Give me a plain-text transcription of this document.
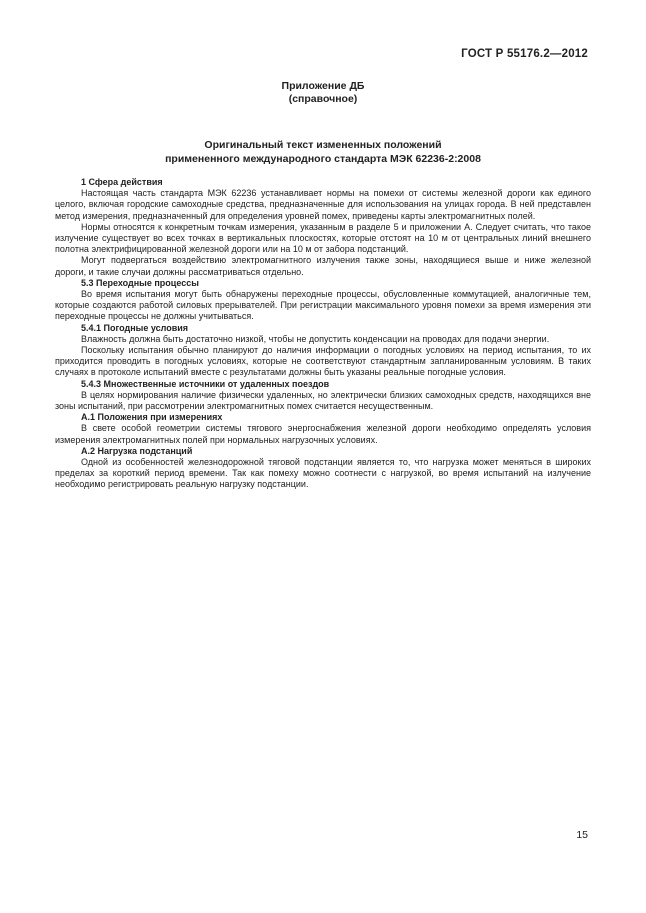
ГОСТ Р 55176.2—2012
Приложение ДБ
(справочное)
Оригинальный текст измененных положений
примененного международного стандарта МЭК 62236-2:2008
1 Сфера действия

Настоящая часть стандарта МЭК 62236 устанавливает нормы на помехи от системы железной дороги как единого целого, включая городские самоходные средства, предназначенные для использования на улицах города. В ней представлен метод измерения, предназначенный для определения уровней помех, приведены карты электромагнитных полей.

Нормы относятся к конкретным точкам измерения, указанным в разделе 5 и приложении А. Следует считать, что такое излучение существует во всех точках в вертикальных плоскостях, которые отстоят на 10 м от центральных линий внешнего полотна электрифицированной железной дороги или на 10 м от забора подстанций.

Могут подвергаться воздействию электромагнитного излучения также зоны, находящиеся выше и ниже железной дороги, и такие случаи должны рассматриваться отдельно.

5.3 Переходные процессы

Во время испытания могут быть обнаружены переходные процессы, обусловленные коммутацией, аналогичные тем, которые создаются работой силовых прерывателей. При регистрации максимального уровня помехи за время измерения эти переходные процессы не должны учитываться.

5.4.1 Погодные условия

Влажность должна быть достаточно низкой, чтобы не допустить конденсации на проводах для подачи энергии.

Поскольку испытания обычно планируют до наличия информации о погодных условиях на период испытания, то их приходится проводить в погодных условиях, которые не соответствуют стандартным запланированным условиям. В таких случаях в протоколе испытаний вместе с результатами должны быть указаны реальные погодные условия.

5.4.3 Множественные источники от удаленных поездов

В целях нормирования наличие физически удаленных, но электрически близких самоходных средств, находящихся вне зоны испытаний, при рассмотрении электромагнитных помех считается несущественным.

А.1 Положения при измерениях

В свете особой геометрии системы тягового энергоснабжения железной дороги необходимо определять условия измерения электромагнитных полей при нормальных нагрузочных условиях.

А.2 Нагрузка подстанций

Одной из особенностей железнодорожной тяговой подстанции является то, что нагрузка может меняться в широких пределах за короткий период времени. Так как помеху можно соотнести с нагрузкой, во время испытаний на излучение необходимо регистрировать реальную нагрузку подстанции.

15
